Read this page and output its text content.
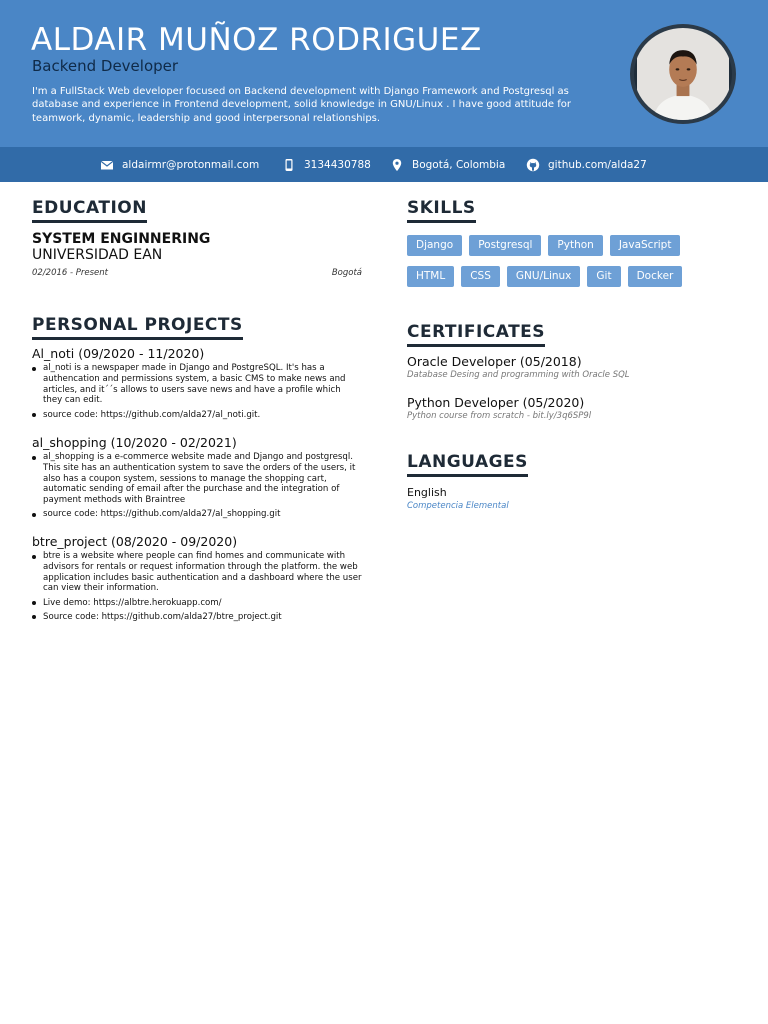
ALDAIR MUÑOZ RODRIGUEZ
Backend Developer
I'm a FullStack Web developer focused on Backend development with Django Framework and Postgresql as database and experience in Frontend development, solid knowledge in GNU/Linux . I have good attitude for teamwork, dynamic, leadership and good interpersonal relationships.
aldairmr@protonmail.com	3134430788	Bogotá, Colombia	github.com/alda27
EDUCATION
SYSTEM ENGINNERING
UNIVERSIDAD EAN
02/2016 - Present	Bogotá
PERSONAL PROJECTS
Al_noti (09/2020 - 11/2020)
al_noti is a newspaper made in Django and PostgreSQL. It's has a authencation and permissions system, a basic CMS to make news and articles, and it´´s allows to users save news and have a profile which they can edit.
source code: https://github.com/alda27/al_noti.git.
al_shopping (10/2020 - 02/2021)
al_shopping is a e-commerce website made and Django and postgresql. This site has an authentication system to save the orders of the users, it also has a coupon system, sessions to manage the shopping cart, automatic sending of email after the purchase and the integration of payment methods with Braintree
source code: https://github.com/alda27/al_shopping.git
btre_project (08/2020 - 09/2020)
btre is a website where people can find homes and communicate with advisors for rentals or request information through the platform. the web application includes basic authentication and a dashboard where the user can view their information.
Live demo: https://albtre.herokuapp.com/
Source code: https://github.com/alda27/btre_project.git
SKILLS
Django	Postgresql	Python	JavaScript
HTML	CSS	GNU/Linux	Git	Docker
CERTIFICATES
Oracle Developer (05/2018)
Database Desing and programming with Oracle SQL
Python Developer (05/2020)
Python course from scratch - bit.ly/3q6SP9l
LANGUAGES
English
Competencia Elemental
